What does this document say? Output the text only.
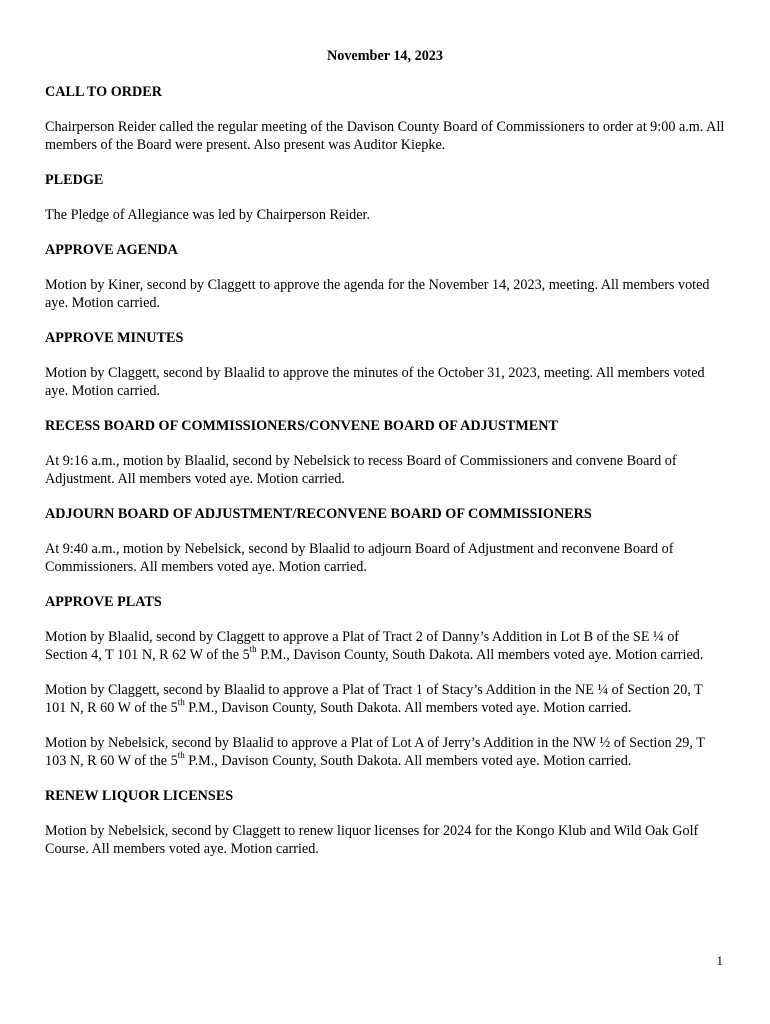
November 14, 2023
CALL TO ORDER
Chairperson Reider called the regular meeting of the Davison County Board of Commissioners to order at 9:00 a.m. All members of the Board were present. Also present was Auditor Kiepke.
PLEDGE
The Pledge of Allegiance was led by Chairperson Reider.
APPROVE AGENDA
Motion by Kiner, second by Claggett to approve the agenda for the November 14, 2023, meeting. All members voted aye. Motion carried.
APPROVE MINUTES
Motion by Claggett, second by Blaalid to approve the minutes of the October 31, 2023, meeting. All members voted aye. Motion carried.
RECESS BOARD OF COMMISSIONERS/CONVENE BOARD OF ADJUSTMENT
At 9:16 a.m., motion by Blaalid, second by Nebelsick to recess Board of Commissioners and convene Board of Adjustment. All members voted aye. Motion carried.
ADJOURN BOARD OF ADJUSTMENT/RECONVENE BOARD OF COMMISSIONERS
At 9:40 a.m., motion by Nebelsick, second by Blaalid to adjourn Board of Adjustment and reconvene Board of Commissioners. All members voted aye. Motion carried.
APPROVE PLATS
Motion by Blaalid, second by Claggett to approve a Plat of Tract 2 of Danny’s Addition in Lot B of the SE ¼ of Section 4, T 101 N, R 62 W of the 5th P.M., Davison County, South Dakota. All members voted aye. Motion carried.
Motion by Claggett, second by Blaalid to approve a Plat of Tract 1 of Stacy’s Addition in the NE ¼ of Section 20, T 101 N, R 60 W of the 5th P.M., Davison County, South Dakota. All members voted aye. Motion carried.
Motion by Nebelsick, second by Blaalid to approve a Plat of Lot A of Jerry’s Addition in the NW ½ of Section 29, T 103 N, R 60 W of the 5th P.M., Davison County, South Dakota. All members voted aye. Motion carried.
RENEW LIQUOR LICENSES
Motion by Nebelsick, second by Claggett to renew liquor licenses for 2024 for the Kongo Klub and Wild Oak Golf Course. All members voted aye. Motion carried.
1
